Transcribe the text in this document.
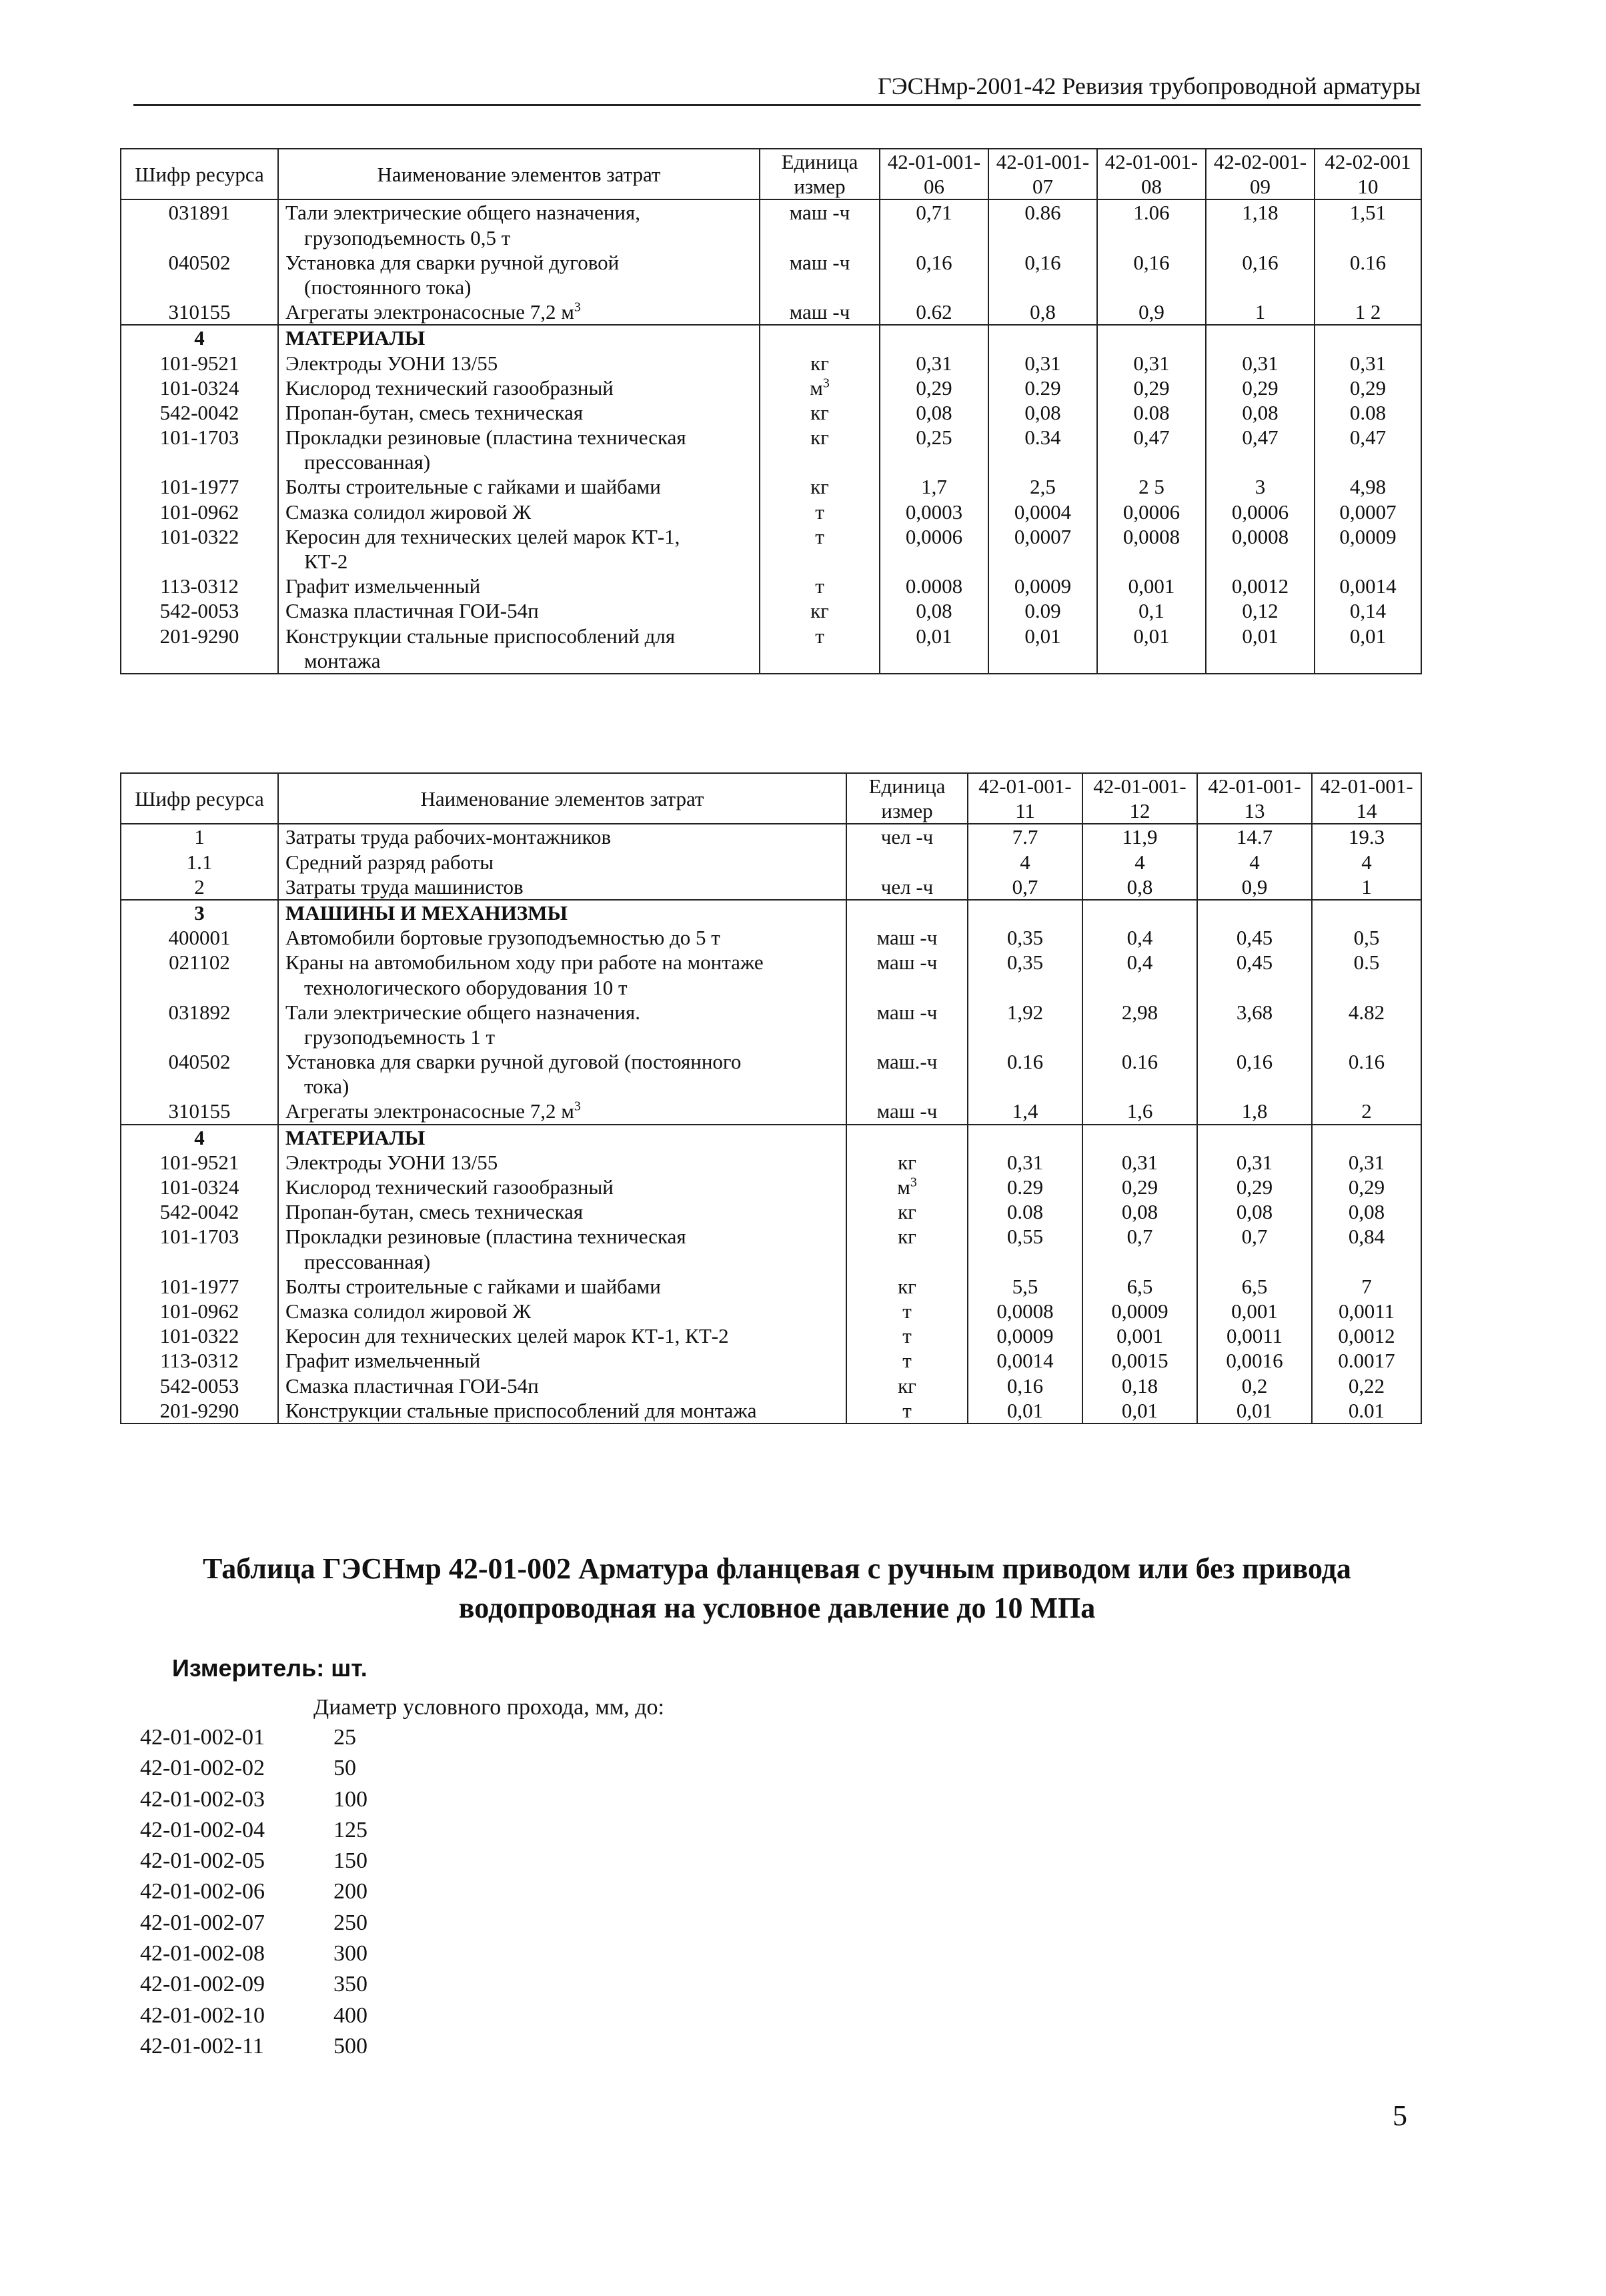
ГЭСНмр-2001-42 Ревизия трубопроводной арматуры
Шифр ресурса	Наименование элементов затрат	Единица измер	42-01-001-06	42-01-001-07	42-01-001-08	42-02-001-09	42-02-001 10
031891	Тали электрические общего назначения,
грузоподъемность 0,5 т	маш -ч	0,71	0.86	1.06	1,18	1,51
040502	Установка для сварки ручной дуговой
(постоянного тока)	маш -ч	0,16	0,16	0,16	0,16	0.16
310155	Агрегаты электронасосные 7,2 $м^3$	маш -ч	0.62	0,8	0,9	1	1 2
4	МАТЕРИАЛЫ						
101-9521	Электроды УОНИ 13/55	кг	0,31	0,31	0,31	0,31	0,31
101-0324	Кислород технический газообразный	$м^3$	0,29	0.29	0,29	0,29	0,29
542-0042	Пропан-бутан, смесь техническая	кг	0,08	0,08	0.08	0,08	0.08
101-1703	Прокладки резиновые (пластина техническая
прессованная)	кг	0,25	0.34	0,47	0,47	0,47
101-1977	Болты строительные с гайками и шайбами	кг	1,7	2,5	2 5	3	4,98
101-0962	Смазка солидол жировой Ж	т	0,0003	0,0004	0,0006	0,0006	0,0007
101-0322	Керосин для технических целей марок КТ-1,
КТ-2	т	0,0006	0,0007	0,0008	0,0008	0,0009
113-0312	Графит измельченный	т	0.0008	0,0009	0,001	0,0012	0,0014
542-0053	Смазка пластичная ГОИ-54п	кг	0,08	0.09	0,1	0,12	0,14
201-9290	Конструкции стальные приспособлений для
монтажа	т	0,01	0,01	0,01	0,01	0,01
Шифр ресурса	Наименование элементов затрат	Единица измер	42-01-001-11	42-01-001-12	42-01-001-13	42-01-001-14
1	Затраты труда рабочих-монтажников	чел -ч	7.7	11,9	14.7	19.3
1.1	Средний разряд работы		4	4	4	4
2	Затраты труда машинистов	чел -ч	0,7	0,8	0,9	1
3	МАШИНЫ И МЕХАНИЗМЫ					
400001	Автомобили бортовые грузоподъемностью до 5 т	маш -ч	0,35	0,4	0,45	0,5
021102	Краны на автомобильном ходу при работе на монтаже
технологического оборудования 10 т	маш -ч	0,35	0,4	0,45	0.5
031892	Тали электрические общего назначения.
грузоподъемность 1 т	маш -ч	1,92	2,98	3,68	4.82
040502	Установка для сварки ручной дуговой (постоянного
тока)	маш.-ч	0.16	0.16	0,16	0.16
310155	Агрегаты электронасосные 7,2 $м^3$	маш -ч	1,4	1,6	1,8	2
4	МАТЕРИАЛЫ					
101-9521	Электроды УОНИ 13/55	кг	0,31	0,31	0,31	0,31
101-0324	Кислород технический газообразный	$м^3$	0.29	0,29	0,29	0,29
542-0042	Пропан-бутан, смесь техническая	кг	0.08	0,08	0,08	0,08
101-1703	Прокладки резиновые (пластина техническая
прессованная)	кг	0,55	0,7	0,7	0,84
101-1977	Болты строительные с гайками и шайбами	кг	5,5	6,5	6,5	7
101-0962	Смазка солидол жировой Ж	т	0,0008	0,0009	0,001	0,0011
101-0322	Керосин для технических целей марок КТ-1, КТ-2	т	0,0009	0,001	0,0011	0,0012
113-0312	Графит измельченный	т	0,0014	0,0015	0,0016	0.0017
542-0053	Смазка пластичная ГОИ-54п	кг	0,16	0,18	0,2	0,22
201-9290	Конструкции стальные приспособлений для монтажа	т	0,01	0,01	0,01	0.01
Таблица ГЭСНмр 42-01-002 Арматура фланцевая с ручным приводом или без привода
водопроводная на условное давление до 10 МПа
Измеритель: шт.
Диаметр условного прохода, мм, до:
42-01-002-01	25
42-01-002-02	50
42-01-002-03	100
42-01-002-04	125
42-01-002-05	150
42-01-002-06	200
42-01-002-07	250
42-01-002-08	300
42-01-002-09	350
42-01-002-10	400
42-01-002-11	500
5
